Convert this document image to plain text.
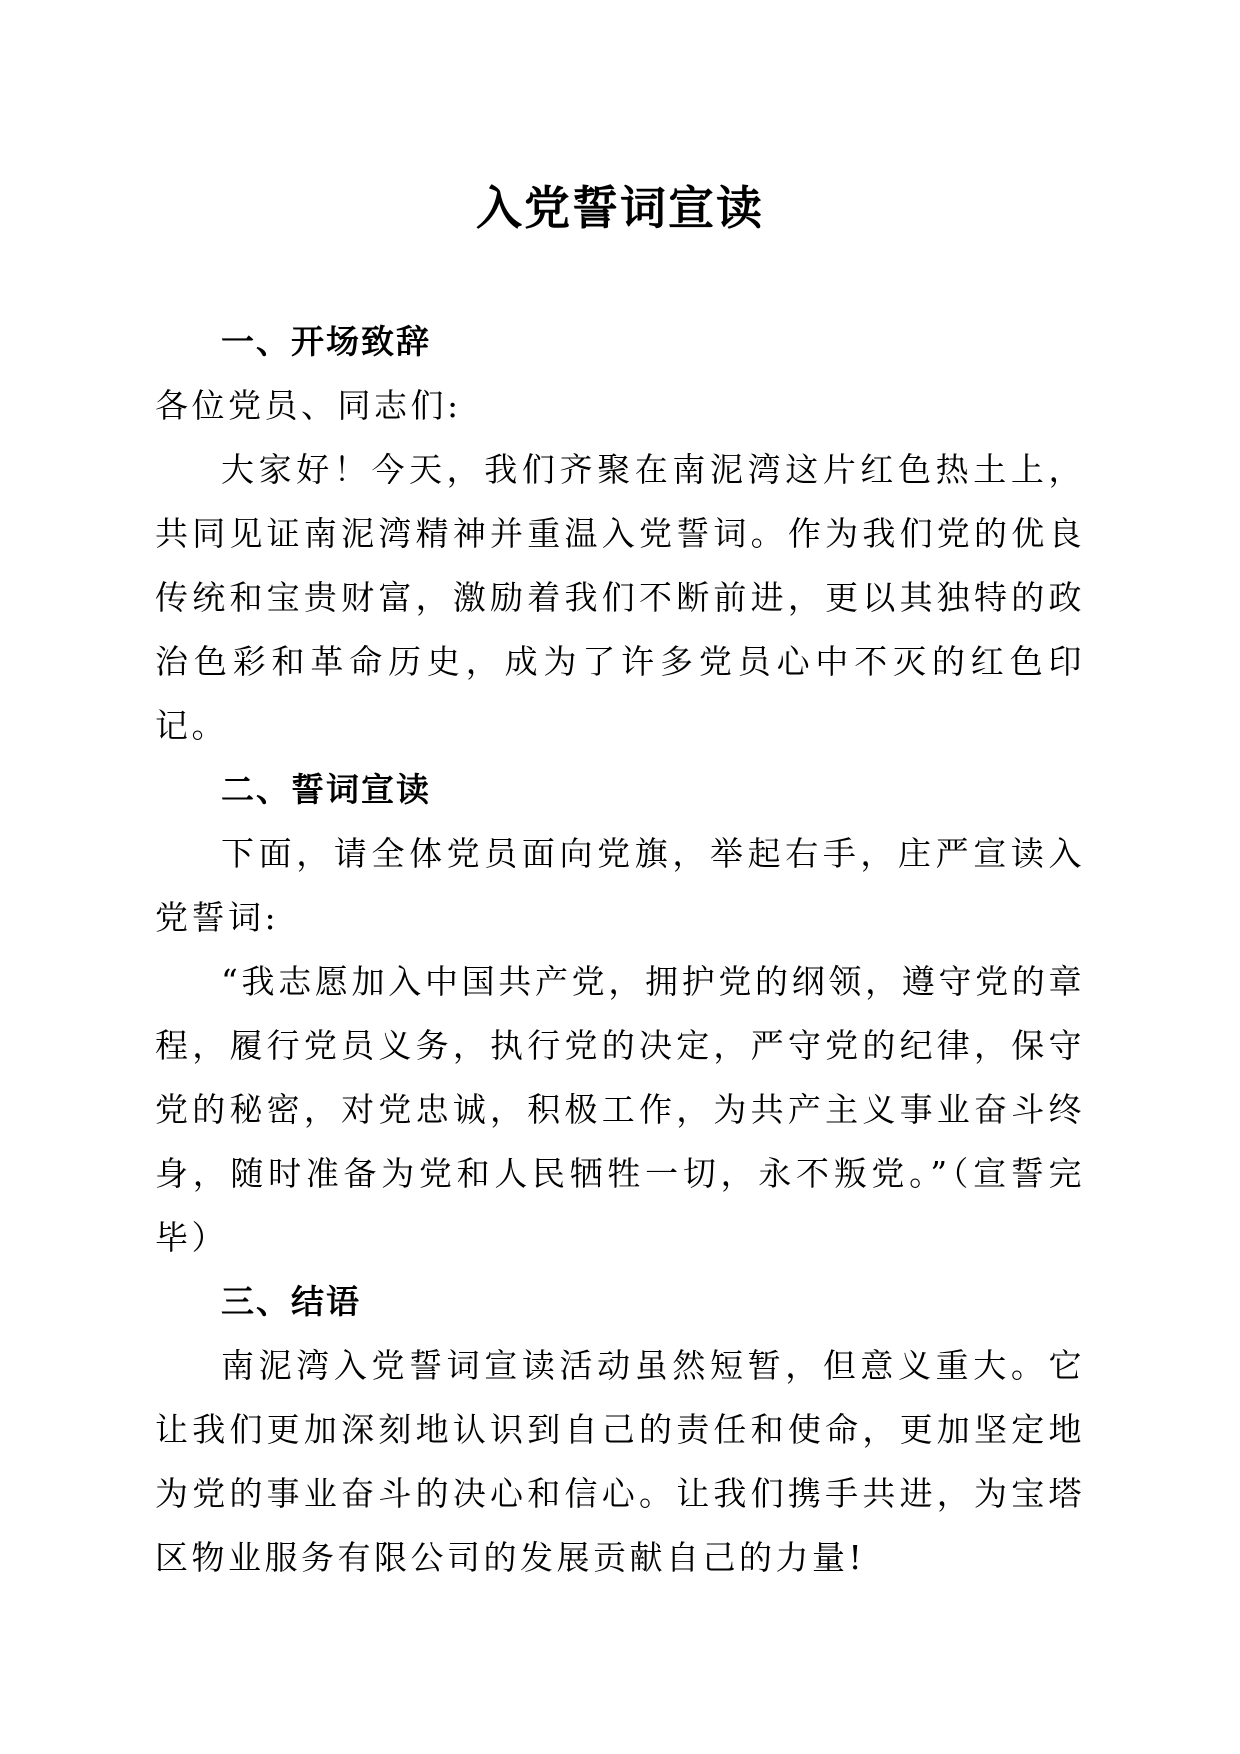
入党誓词宣读

一、开场致辞

各位党员、同志们:

大家好！今天，我们齐聚在南泥湾这片红色热土上，共同见证南泥湾精神并重温入党誓词。作为我们党的优良传统和宝贵财富，激励着我们不断前进，更以其独特的政治色彩和革命历史，成为了许多党员心中不灭的红色印记。

二、誓词宣读

下面，请全体党员面向党旗，举起右手，庄严宣读入党誓词:

“我志愿加入中国共产党，拥护党的纲领，遵守党的章程，履行党员义务，执行党的决定，严守党的纪律，保守党的秘密，对党忠诚，积极工作，为共产主义事业奋斗终身，随时准备为党和人民牺牲一切，永不叛党。”（宣誓完毕）

三、结语

南泥湾入党誓词宣读活动虽然短暂，但意义重大。它让我们更加深刻地认识到自己的责任和使命，更加坚定地为党的事业奋斗的决心和信心。让我们携手共进，为宝塔区物业服务有限公司的发展贡献自己的力量!
